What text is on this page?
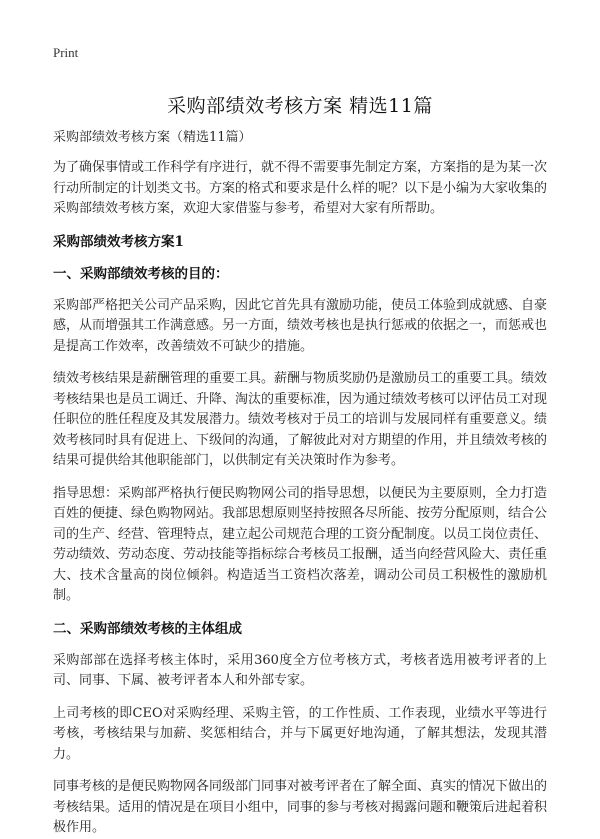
Print
采购部绩效考核方案 精选11篇
采购部绩效考核方案（精选11篇）

为了确保事情或工作科学有序进行，就不得不需要事先制定方案，方案指的是为某一次行动所制定的计划类文书。方案的格式和要求是什么样的呢？以下是小编为大家收集的采购部绩效考核方案，欢迎大家借鉴与参考，希望对大家有所帮助。

采购部绩效考核方案1
一、采购部绩效考核的目的：

采购部严格把关公司产品采购，因此它首先具有激励功能，使员工体验到成就感、自豪感，从而增强其工作满意感。另一方面，绩效考核也是执行惩戒的依据之一，而惩戒也是提高工作效率，改善绩效不可缺少的措施。

绩效考核结果是薪酬管理的重要工具。薪酬与物质奖励仍是激励员工的重要工具。绩效考核结果也是员工调迁、升降、淘汰的重要标准，因为通过绩效考核可以评估员工对现任职位的胜任程度及其发展潜力。绩效考核对于员工的培训与发展同样有重要意义。绩效考核同时具有促进上、下级间的沟通，了解彼此对对方期望的作用，并且绩效考核的结果可提供给其他职能部门，以供制定有关决策时作为参考。

指导思想：采购部严格执行便民购物网公司的指导思想，以便民为主要原则，全力打造百姓的便捷、绿色购物网站。我部思想原则坚持按照各尽所能、按劳分配原则，结合公司的生产、经营、管理特点，建立起公司规范合理的工资分配制度。以员工岗位责任、劳动绩效、劳动态度、劳动技能等指标综合考核员工报酬，适当向经营风险大、责任重大、技术含量高的岗位倾斜。构造适当工资档次落差，调动公司员工积极性的激励机制。

二、采购部绩效考核的主体组成

采购部部在选择考核主体时，采用360度全方位考核方式，考核者选用被考评者的上司、同事、下属、被考评者本人和外部专家。

上司考核的即CEO对采购经理、采购主管，的工作性质、工作表现，业绩水平等进行考核，考核结果与加薪、奖惩相结合，并与下属更好地沟通，了解其想法，发现其潜力。

同事考核的是便民购物网各同级部门同事对被考评者在了解全面、真实的情况下做出的考核结果。适用的情况是在项目小组中，同事的参与考核对揭露问题和鞭策后进起着积极作用。
